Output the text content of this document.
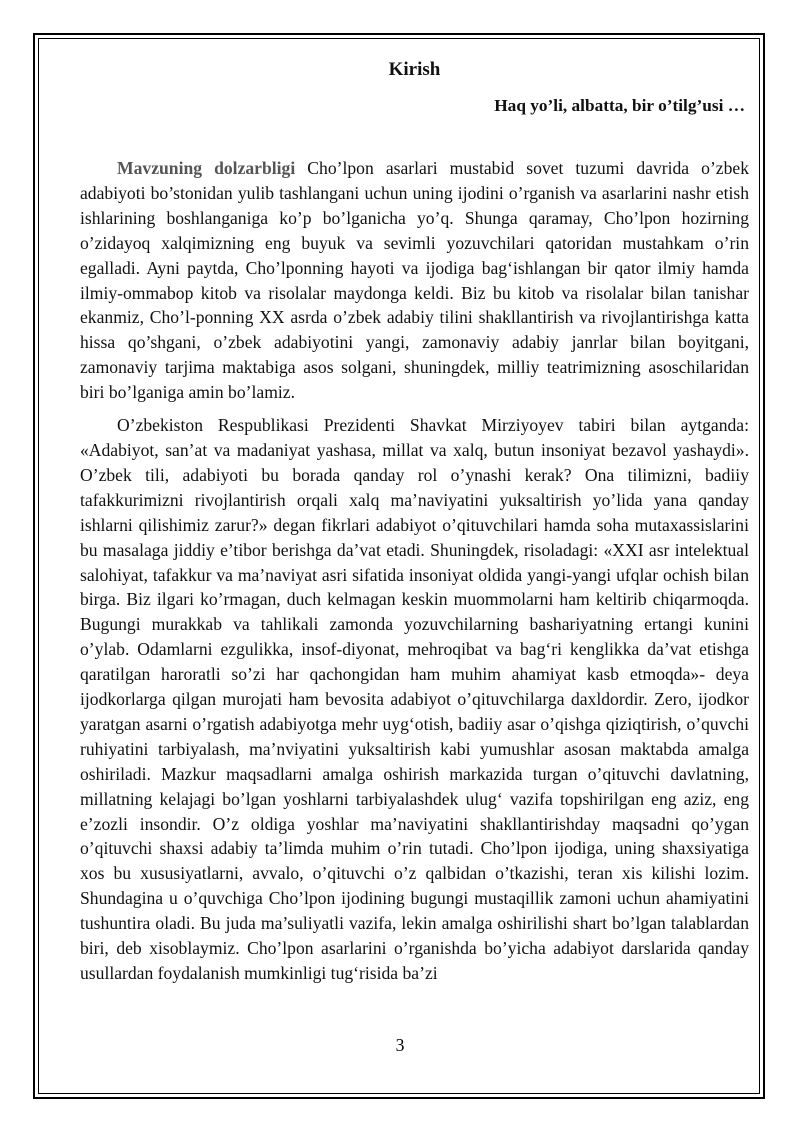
Kirish
Haq yo’li, albatta, bir o’tilg’usi …

Mavzuning dolzarbligi Cho’lpon asarlari mustabid sovet tuzumi davrida o’zbek adabiyoti bo’stonidan yulib tashlangani uchun uning ijodini o’rganish va asarlarini nashr etish ishlarining boshlanganiga ko’p bo’lganicha yo’q. Shunga qaramay, Cho’lpon hozirning o’zidayoq xalqimizning eng buyuk va sevimli yozuvchilari qatoridan mustahkam o’rin egalladi. Ayni paytda, Cho’lponning hayoti va ijodiga bag‘ishlangan bir qator ilmiy hamda ilmiy-ommabop kitob va risolalar maydonga keldi. Biz bu kitob va risolalar bilan tanishar ekanmiz, Cho’l-ponning XX asrda o’zbek adabiy tilini shakllantirish va rivojlantirishga katta hissa qo’shgani, o’zbek adabiyotini yangi, zamonaviy adabiy janrlar bilan boyitgani, zamonaviy tarjima maktabiga asos solgani, shuningdek, milliy teatrimizning asoschilaridan biri bo’lganiga amin bo’lamiz.

O’zbekiston Respublikasi Prezidenti Shavkat Mirziyoyev tabiri bilan aytganda: «Adabiyot, san’at va madaniyat yashasa, millat va xalq, butun insoniyat bezavol yashaydi». O’zbek tili, adabiyoti bu borada qanday rol o’ynashi kerak? Ona tilimizni, badiiy tafakkurimizni rivojlantirish orqali xalq ma’naviyatini yuksaltirish yo’lida yana qanday ishlarni qilishimiz zarur?» degan fikrlari adabiyot o’qituvchilari hamda soha mutaxassislarini bu masalaga jiddiy e’tibor berishga da’vat etadi. Shuningdek, risoladagi: «XXI asr intelektual salohiyat, tafakkur va ma’naviyat asri sifatida insoniyat oldida yangi-yangi ufqlar ochish bilan birga. Biz ilgari ko’rmagan, duch kelmagan keskin muommolarni ham keltirib chiqarmoqda. Bugungi murakkab va tahlikali zamonda yozuvchilarning bashariyatning ertangi kunini o’ylab. Odamlarni ezgulikka, insof-diyonat, mehroqibat va bag‘ri kenglikka da’vat etishga qaratilgan haroratli so’zi har qachongidan ham muhim ahamiyat kasb etmoqda»- deya ijodkorlarga qilgan murojati ham bevosita adabiyot o’qituvchilarga daxldordir. Zero, ijodkor yaratgan asarni o’rgatish adabiyotga mehr uyg‘otish, badiiy asar o’qishga qiziqtirish, o’quvchi ruhiyatini tarbiyalash, ma’nviyatini yuksaltirish kabi yumushlar asosan maktabda amalga oshiriladi. Mazkur maqsadlarni amalga oshirish markazida turgan o’qituvchi davlatning, millatning kelajagi bo’lgan yoshlarni tarbiyalashdek ulug‘ vazifa topshirilgan eng aziz, eng e’zozli insondir. O’z oldiga yoshlar ma’naviyatini shakllantirishday maqsadni qo’ygan o’qituvchi shaxsi adabiy ta’limda muhim o’rin tutadi. Cho’lpon ijodiga, uning shaxsiyatiga xos bu xususiyatlarni, avvalo, o’qituvchi o’z qalbidan o’tkazishi, teran xis kilishi lozim. Shundagina u o’quvchiga Cho’lpon ijodining bugungi mustaqillik zamoni uchun ahamiyatini tushuntira oladi. Bu juda ma’suliyatli vazifa, lekin amalga oshirilishi shart bo’lgan talablardan biri, deb xisoblaymiz. Cho’lpon asarlarini o’rganishda bo’yicha adabiyot darslarida qanday usullardan foydalanish mumkinligi tug‘risida ba’zi

3
